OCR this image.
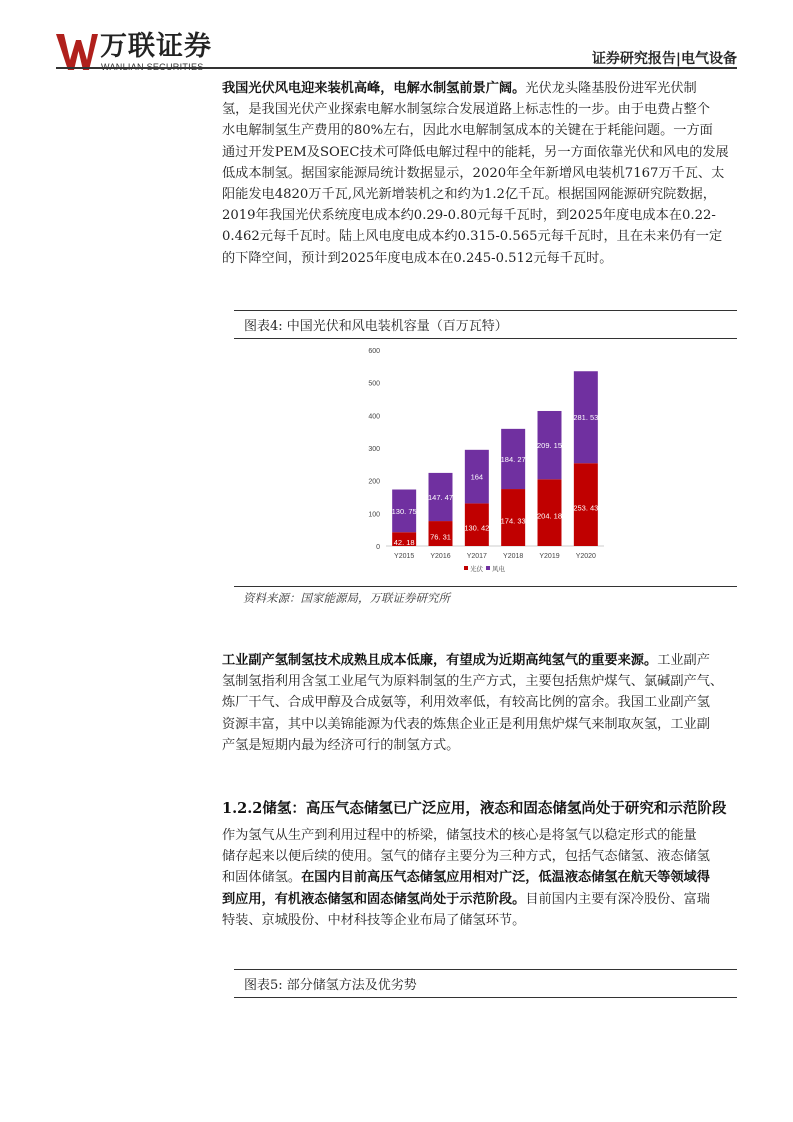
万联证券	证券研究报告|电气设备
我国光伏风电迎来装机高峰，电解水制氢前景广阔。光伏龙头隆基股份进军光伏制
氢，是我国光伏产业探索电解水制氢综合发展道路上标志性的一步。由于电费占整个
水电解制氢生产费用的80%左右，因此水电解制氢成本的关键在于耗能问题。一方面
通过开发PEM及SOEC技术可降低电解过程中的能耗，另一方面依靠光伏和风电的发展
低成本制氢。据国家能源局统计数据显示，2020年全年新增风电装机7167万千瓦、太
阳能发电4820万千瓦,风光新增装机之和约为1.2亿千瓦。根据国网能源研究院数据，
2019年我国光伏系统度电成本约0.29-0.80元每千瓦时，到2025年度电成本在0.22-
0.462元每千瓦时。陆上风电度电成本约0.315-0.565元每千瓦时，且在未来仍有一定
的下降空间，预计到2025年度电成本在0.245-0.512元每千瓦时。
图表4: 中国光伏和风电装机容量（百万瓦特）
0
100
200
300
400
500
600
42. 18
130. 75
Y2015
76. 31
147. 47
Y2016
130. 42
164
Y2017
174. 33
184. 27
Y2018
204. 18
209. 15
Y2019
253. 43
281. 53
Y2020
光伏 风电
资料来源：国家能源局，万联证券研究所
工业副产氢制氢技术成熟且成本低廉，有望成为近期高纯氢气的重要来源。工业副产
氢制氢指利用含氢工业尾气为原料制氢的生产方式，主要包括焦炉煤气、氯碱副产气、
炼厂干气、合成甲醇及合成氨等，利用效率低，有较高比例的富余。我国工业副产氢
资源丰富，其中以美锦能源为代表的炼焦企业正是利用焦炉煤气来制取灰氢，工业副
产氢是短期内最为经济可行的制氢方式。
1.2.2储氢：高压气态储氢已广泛应用，液态和固态储氢尚处于研究和示范阶段
作为氢气从生产到利用过程中的桥梁，储氢技术的核心是将氢气以稳定形式的能量
储存起来以便后续的使用。氢气的储存主要分为三种方式，包括气态储氢、液态储氢
和固体储氢。在国内目前高压气态储氢应用相对广泛，低温液态储氢在航天等领域得
到应用，有机液态储氢和固态储氢尚处于示范阶段。目前国内主要有深冷股份、富瑞
特装、京城股份、中材科技等企业布局了储氢环节。
图表5: 部分储氢方法及优劣势
